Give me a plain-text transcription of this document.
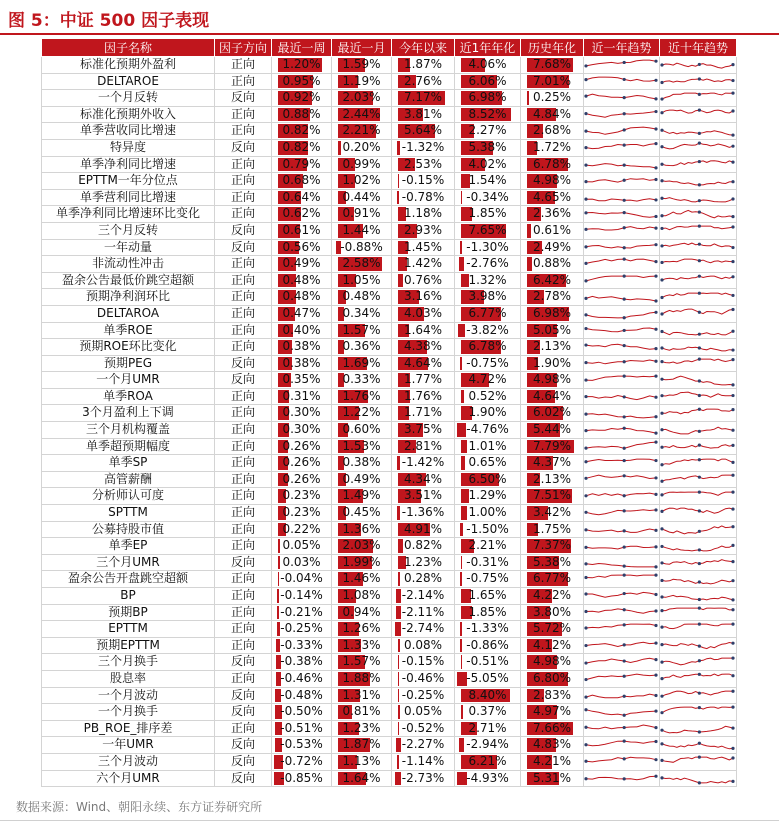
图 5：中证 500 因子表现
因子名称	因子方向	最近一周	最近一月	今年以来	近1年年化	历史年化	近一年趋势	近十年趋势
标准化预期外盈利	正向	1.20%	1.59%	1.87%	4.06%	7.68%	

DELTAROE	正向	0.95%	1.19%	2.76%	6.06%	7.01%	

一个月反转	反向	0.92%	2.03%	7.17%	6.98%	0.25%	

标准化预期外收入	正向	0.88%	2.44%	3.81%	8.52%	4.84%	

单季营收同比增速	正向	0.82%	2.21%	5.64%	2.27%	2.68%	

特异度	反向	0.82%	0.20%	-1.32%	5.38%	1.72%	

单季净利同比增速	正向	0.79%	0.99%	2.53%	4.02%	6.78%	

EPTTM一年分位点	正向	0.68%	1.02%	-0.15%	1.54%	4.98%	

单季营利同比增速	正向	0.64%	0.44%	-0.78%	-0.34%	4.65%	

单季净利同比增速环比变化	正向	0.62%	0.91%	1.18%	1.85%	2.36%	

三个月反转	反向	0.61%	1.44%	2.93%	7.65%	0.61%	

一年动量	反向	0.56%	-0.88%	1.45%	-1.30%	2.49%	

非流动性冲击	正向	0.49%	2.58%	1.42%	-2.76%	0.88%	

盈余公告最低价跳空超额	正向	0.48%	1.05%	0.76%	1.32%	6.42%	

预期净利润环比	正向	0.48%	0.48%	3.16%	3.98%	2.78%	

DELTAROA	正向	0.47%	0.34%	4.03%	6.77%	6.98%	

单季ROE	正向	0.40%	1.57%	1.64%	-3.82%	5.05%	

预期ROE环比变化	正向	0.38%	0.36%	4.38%	6.78%	2.13%	

预期PEG	反向	0.38%	1.69%	4.64%	-0.75%	1.90%	

一个月UMR	反向	0.35%	0.33%	1.77%	4.72%	4.98%	

单季ROA	正向	0.31%	1.76%	1.76%	0.52%	4.64%	

3个月盈利上下调	正向	0.30%	1.22%	1.71%	1.90%	6.02%	

三个月机构覆盖	正向	0.30%	0.60%	3.75%	-4.76%	5.44%	

单季超预期幅度	正向	0.26%	1.53%	2.81%	1.01%	7.79%	

单季SP	正向	0.26%	0.38%	-1.42%	0.65%	4.37%	

高管薪酬	正向	0.26%	0.49%	4.34%	6.50%	2.13%	

分析师认可度	正向	0.23%	1.49%	3.51%	1.29%	7.51%	

SPTTM	正向	0.23%	0.45%	-1.36%	1.00%	3.42%	

公募持股市值	正向	0.22%	1.36%	4.91%	-1.50%	1.75%	

单季EP	正向	0.05%	2.03%	0.82%	2.21%	7.37%	

三个月UMR	反向	0.03%	1.99%	1.23%	-0.31%	5.38%	

盈余公告开盘跳空超额	正向	-0.04%	1.46%	0.28%	-0.75%	6.77%	

BP	正向	-0.14%	1.08%	-2.14%	1.65%	4.22%	

预期BP	正向	-0.21%	0.94%	-2.11%	1.85%	3.80%	

EPTTM	正向	-0.25%	1.26%	-2.74%	-1.33%	5.72%	

预期EPTTM	正向	-0.33%	1.33%	0.08%	-0.86%	4.12%	

三个月换手	反向	-0.38%	1.57%	-0.15%	-0.51%	4.98%	

股息率	正向	-0.46%	1.88%	-0.46%	-5.05%	6.80%	

一个月波动	反向	-0.48%	1.31%	-0.25%	8.40%	2.83%	

一个月换手	反向	-0.50%	0.81%	0.05%	0.37%	4.97%	

PB_ROE_排序差	正向	-0.51%	1.23%	-0.52%	2.71%	7.66%	

一年UMR	反向	-0.53%	1.87%	-2.27%	-2.94%	4.83%	

三个月波动	反向	-0.72%	1.13%	-1.14%	6.21%	4.21%	

六个月UMR	反向	-0.85%	1.64%	-2.73%	-4.93%	5.31%	

数据来源：Wind、朝阳永续、东方证券研究所
